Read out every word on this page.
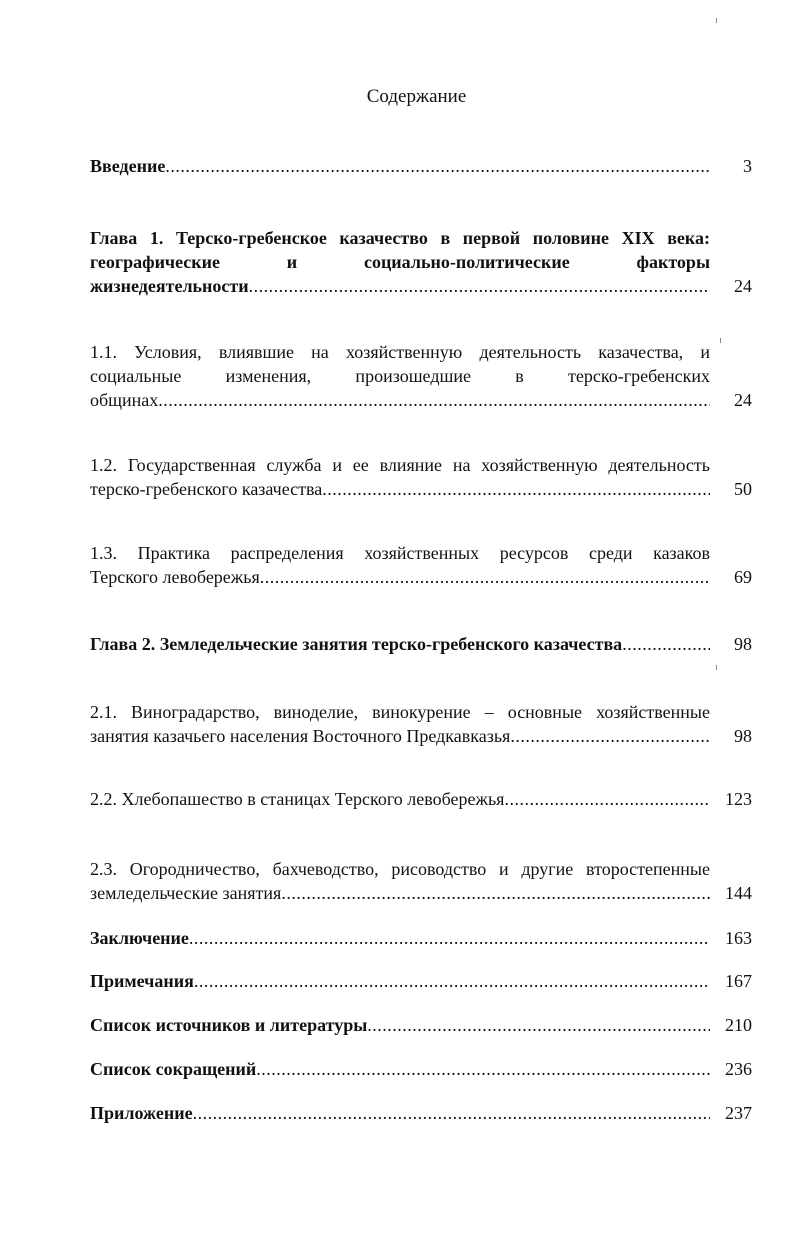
Содержание
Введение . . .	3
Глава 1. Терско-гребенское казачество в первой половине XIX века:
географические и социально-политические факторы
жизнедеятельности . . .	24
1.1. Условия, влиявшие на хозяйственную деятельность казачества, и
социальные изменения, произошедшие в терско-гребенских
общинах . . .	24
1.2. Государственная служба и ее влияние на хозяйственную деятельность
терско-гребенского казачества . . .	50
1.3. Практика распределения хозяйственных ресурсов среди казаков
Терского левобережья . . .	69
Глава 2. Земледельческие занятия терско-гребенского казачества . . .	98
2.1. Виноградарство, виноделие, винокурение – основные хозяйственные
занятия казачьего населения Восточного Предкавказья . . .	98
2.2. Хлебопашество в станицах Терского левобережья . . .	123
2.3. Огородничество, бахчеводство, рисоводство и другие второстепенные
земледельческие занятия . . .	144
Заключение . . .	163
Примечания . . .	167
Список источников и литературы . . .	210
Список сокращений . . .	236
Приложение . . .	237
